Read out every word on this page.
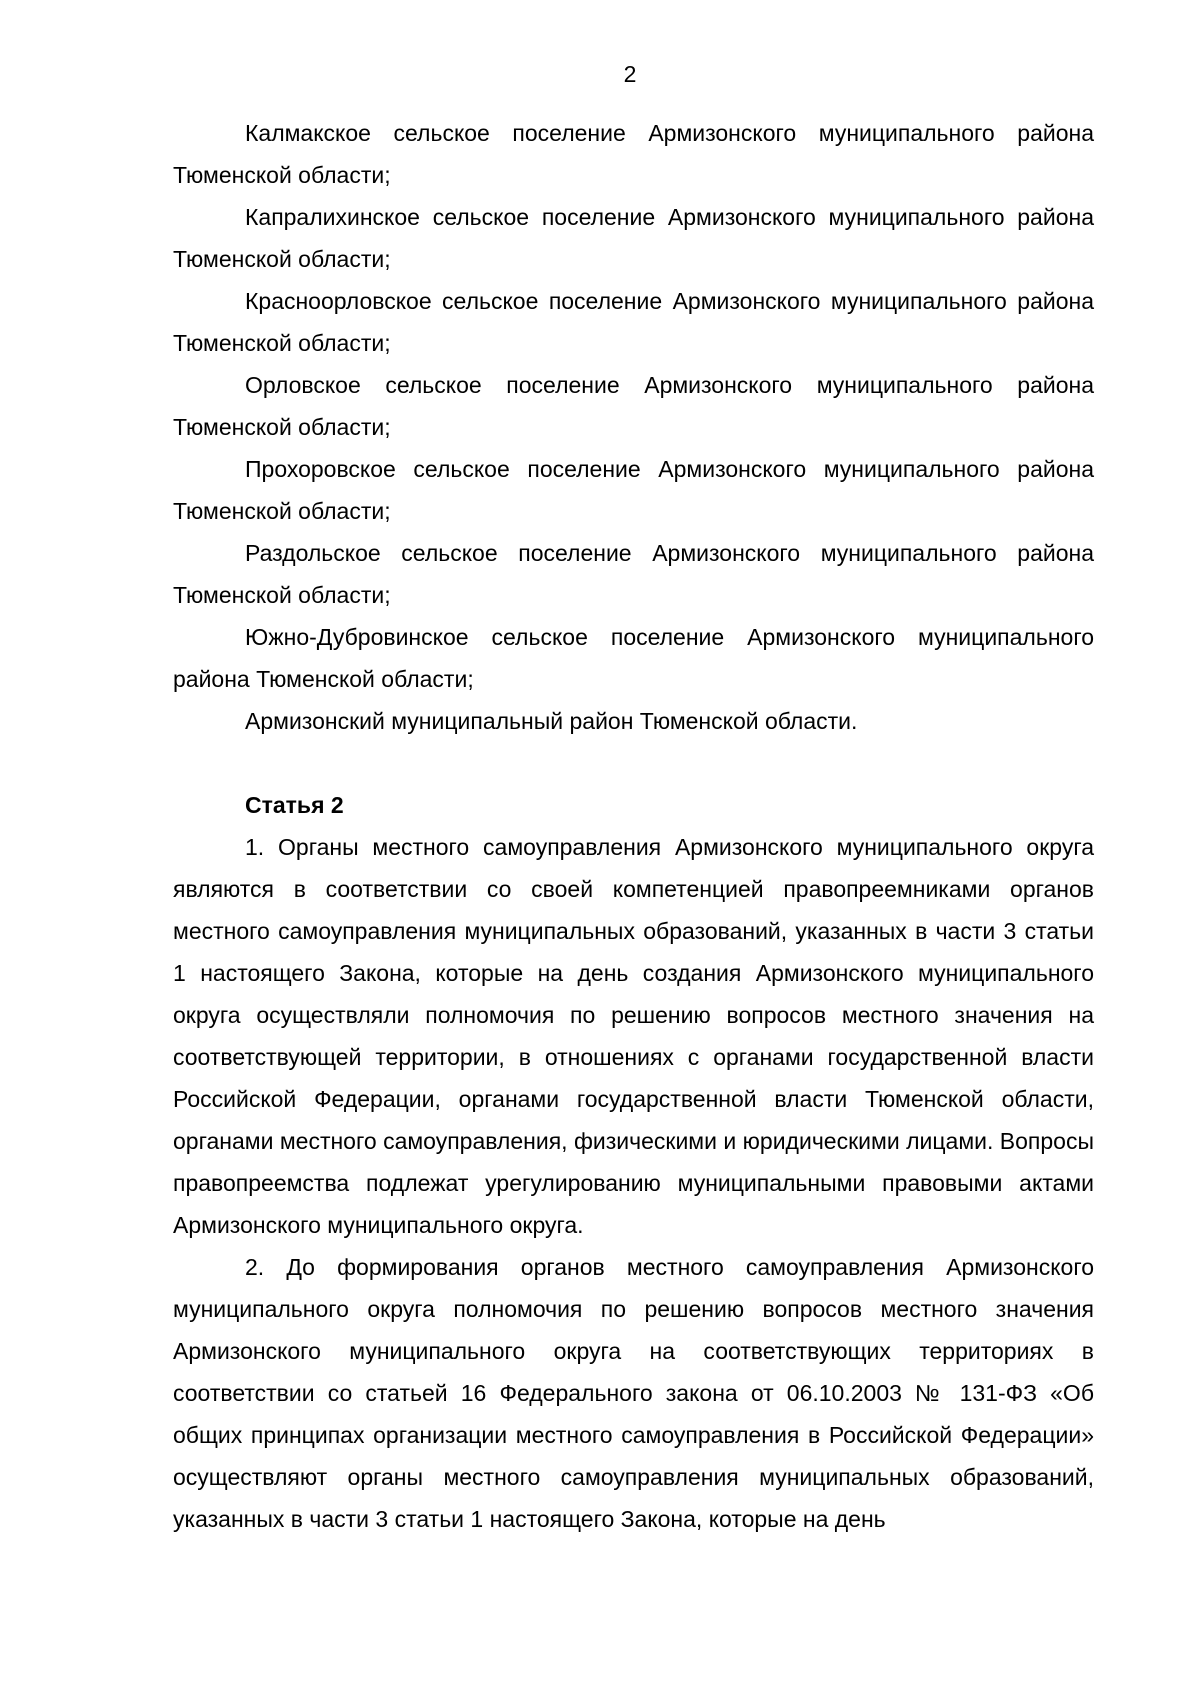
2

Калмакское сельское поселение Армизонского муниципального района Тюменской области;

Капралихинское сельское поселение Армизонского муниципального района Тюменской области;

Краснoорловское сельское поселение Армизонского муниципального района Тюменской области;

Орловское сельское поселение Армизонского муниципального района Тюменской области;

Прохоровское сельское поселение Армизонского муниципального района Тюменской области;

Раздольское сельское поселение Армизонского муниципального района Тюменской области;

Южно-Дубровинское сельское поселение Армизонского муниципального района Тюменской области;

Армизонский муниципальный район Тюменской области.

Статья 2

1. Органы местного самоуправления Армизонского муниципального округа являются в соответствии со своей компетенцией правопреемниками органов местного самоуправления муниципальных образований, указанных в части 3 статьи 1 настоящего Закона, которые на день создания Армизонского муниципального округа осуществляли полномочия по решению вопросов местного значения на соответствующей территории, в отношениях с органами государственной власти Российской Федерации, органами государственной власти Тюменской области, органами местного самоуправления, физическими и юридическими лицами. Вопросы правопреемства подлежат урегулированию муниципальными правовыми актами Армизонского муниципального округа.

2. До формирования органов местного самоуправления Армизонского муниципального округа полномочия по решению вопросов местного значения Армизонского муниципального округа на соответствующих территориях в соответствии со статьей 16 Федерального закона от 06.10.2003 № 131-ФЗ «Об общих принципах организации местного самоуправления в Российской Федерации» осуществляют органы местного самоуправления муниципальных образований, указанных в части 3 статьи 1 настоящего Закона, которые на день
